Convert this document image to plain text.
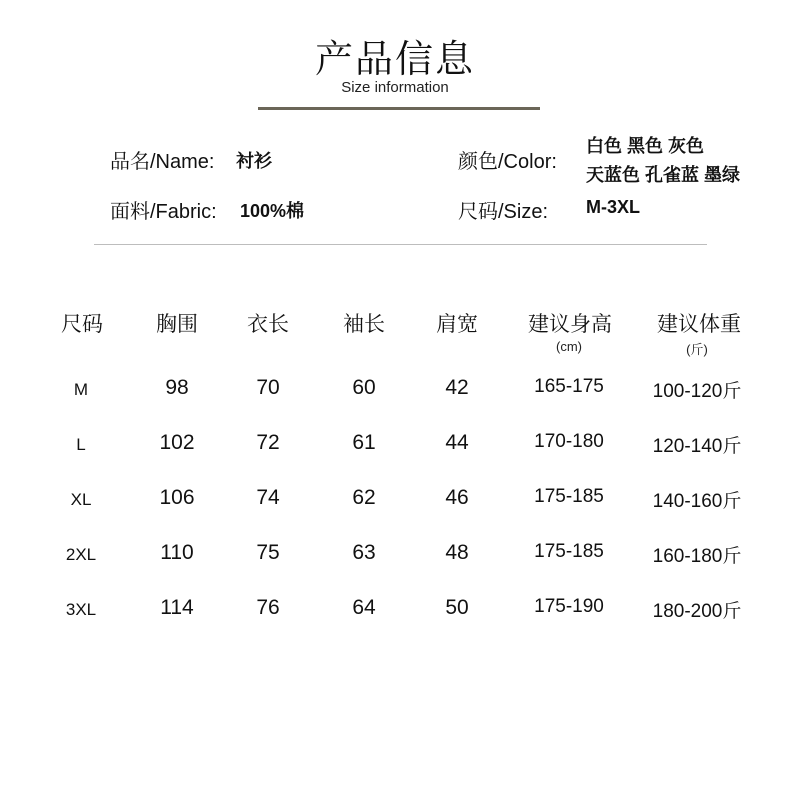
产品信息
Size information
品名/Name: 衬衫
面料/Fabric: 100%棉
颜色/Color:
白色 黑色 灰色
天蓝色 孔雀蓝 墨绿
尺码/Size: M-3XL
尺码	胸围 衣长	袖长 肩宽 建议身高 建议体重
(cm)	(斤)
M	98	70	60	42	165-175	100-120斤
L	102	72	61	44	170-180	120-140斤
XL	106	74	62	46	175-185	140-160斤
2XL	110	75	63	48	175-185	160-180斤
3XL	114	76	64	50	175-190	180-200斤
